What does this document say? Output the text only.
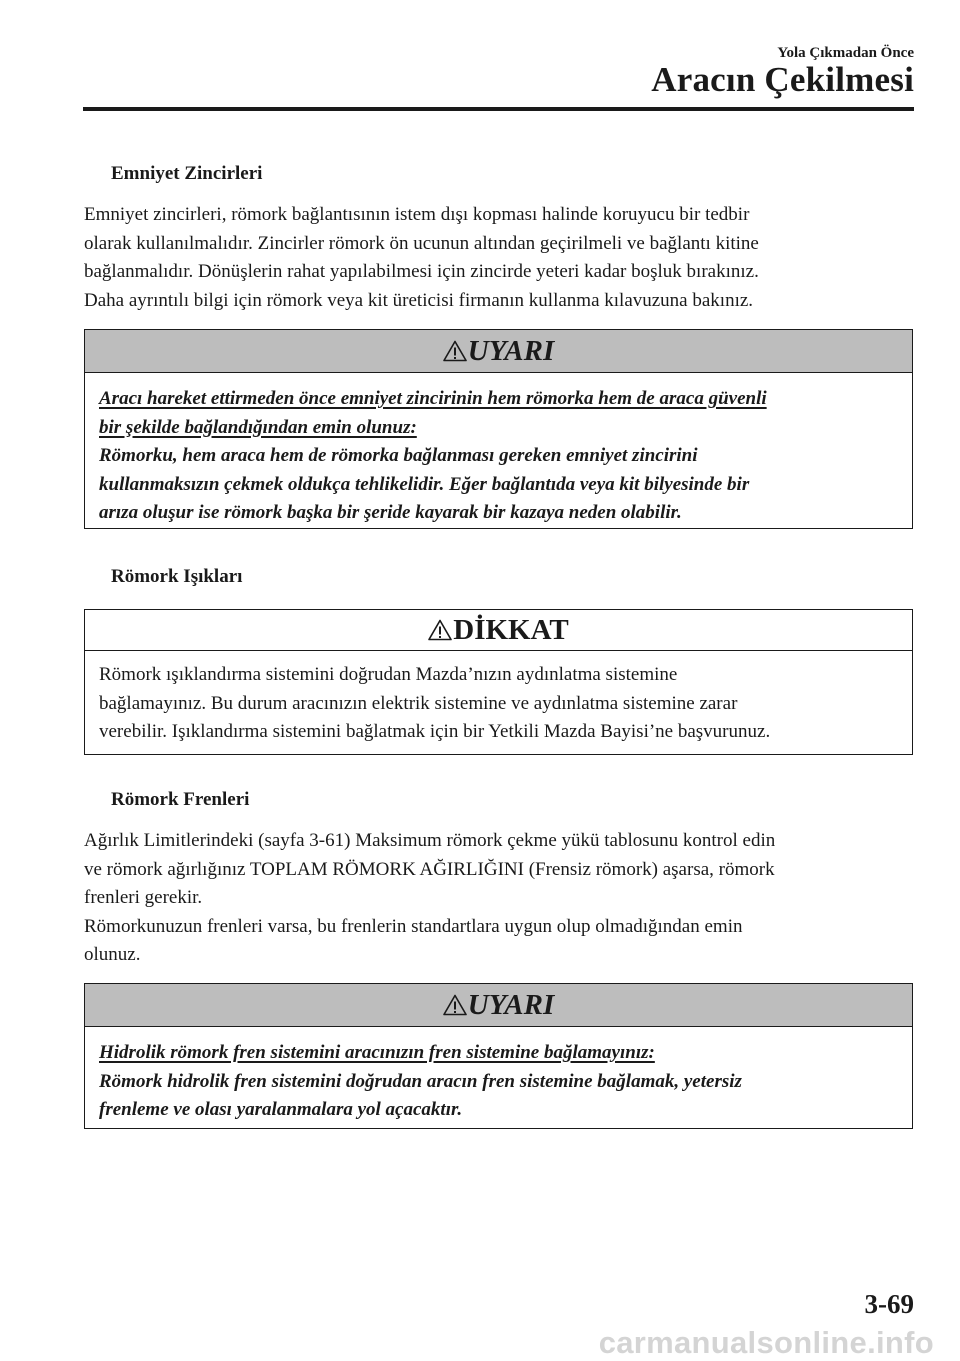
Yola Çıkmadan Önce
Aracın Çekilmesi
Emniyet Zincirleri
Emniyet zincirleri, römork bağlantısının istem dışı kopması halinde koruyucu bir tedbir
olarak kullanılmalıdır. Zincirler römork ön ucunun altından geçirilmeli ve bağlantı kitine
bağlanmalıdır. Dönüşlerin rahat yapılabilmesi için zincirde yeteri kadar boşluk bırakınız.
Daha ayrıntılı bilgi için römork veya kit üreticisi firmanın kullanma kılavuzuna bakınız.
UYARI
Aracı hareket ettirmeden önce emniyet zincirinin hem römorka hem de araca güvenli
bir şekilde bağlandığından emin olunuz:
Römorku, hem araca hem de römorka bağlanması gereken emniyet zincirini
kullanmaksızın çekmek oldukça tehlikelidir. Eğer bağlantıda veya kit bilyesinde bir
arıza oluşur ise römork başka bir şeride kayarak bir kazaya neden olabilir.
Römork Işıkları
DİKKAT
Römork ışıklandırma sistemini doğrudan Mazda’nızın aydınlatma sistemine
bağlamayınız. Bu durum aracınızın elektrik sistemine ve aydınlatma sistemine zarar
verebilir. Işıklandırma sistemini bağlatmak için bir Yetkili Mazda Bayisi’ne başvurunuz.
Römork Frenleri
Ağırlık Limitlerindeki (sayfa 3-61) Maksimum römork çekme yükü tablosunu kontrol edin
ve römork ağırlığınız TOPLAM RÖMORK AĞIRLIĞINI (Frensiz römork) aşarsa, römork
frenleri gerekir.
Römorkunuzun frenleri varsa, bu frenlerin standartlara uygun olup olmadığından emin
olunuz.
UYARI
Hidrolik römork fren sistemini aracınızın fren sistemine bağlamayınız:
Römork hidrolik fren sistemini doğrudan aracın fren sistemine bağlamak, yetersiz
frenleme ve olası yaralanmalara yol açacaktır.
3-69
carmanualsonline.info
